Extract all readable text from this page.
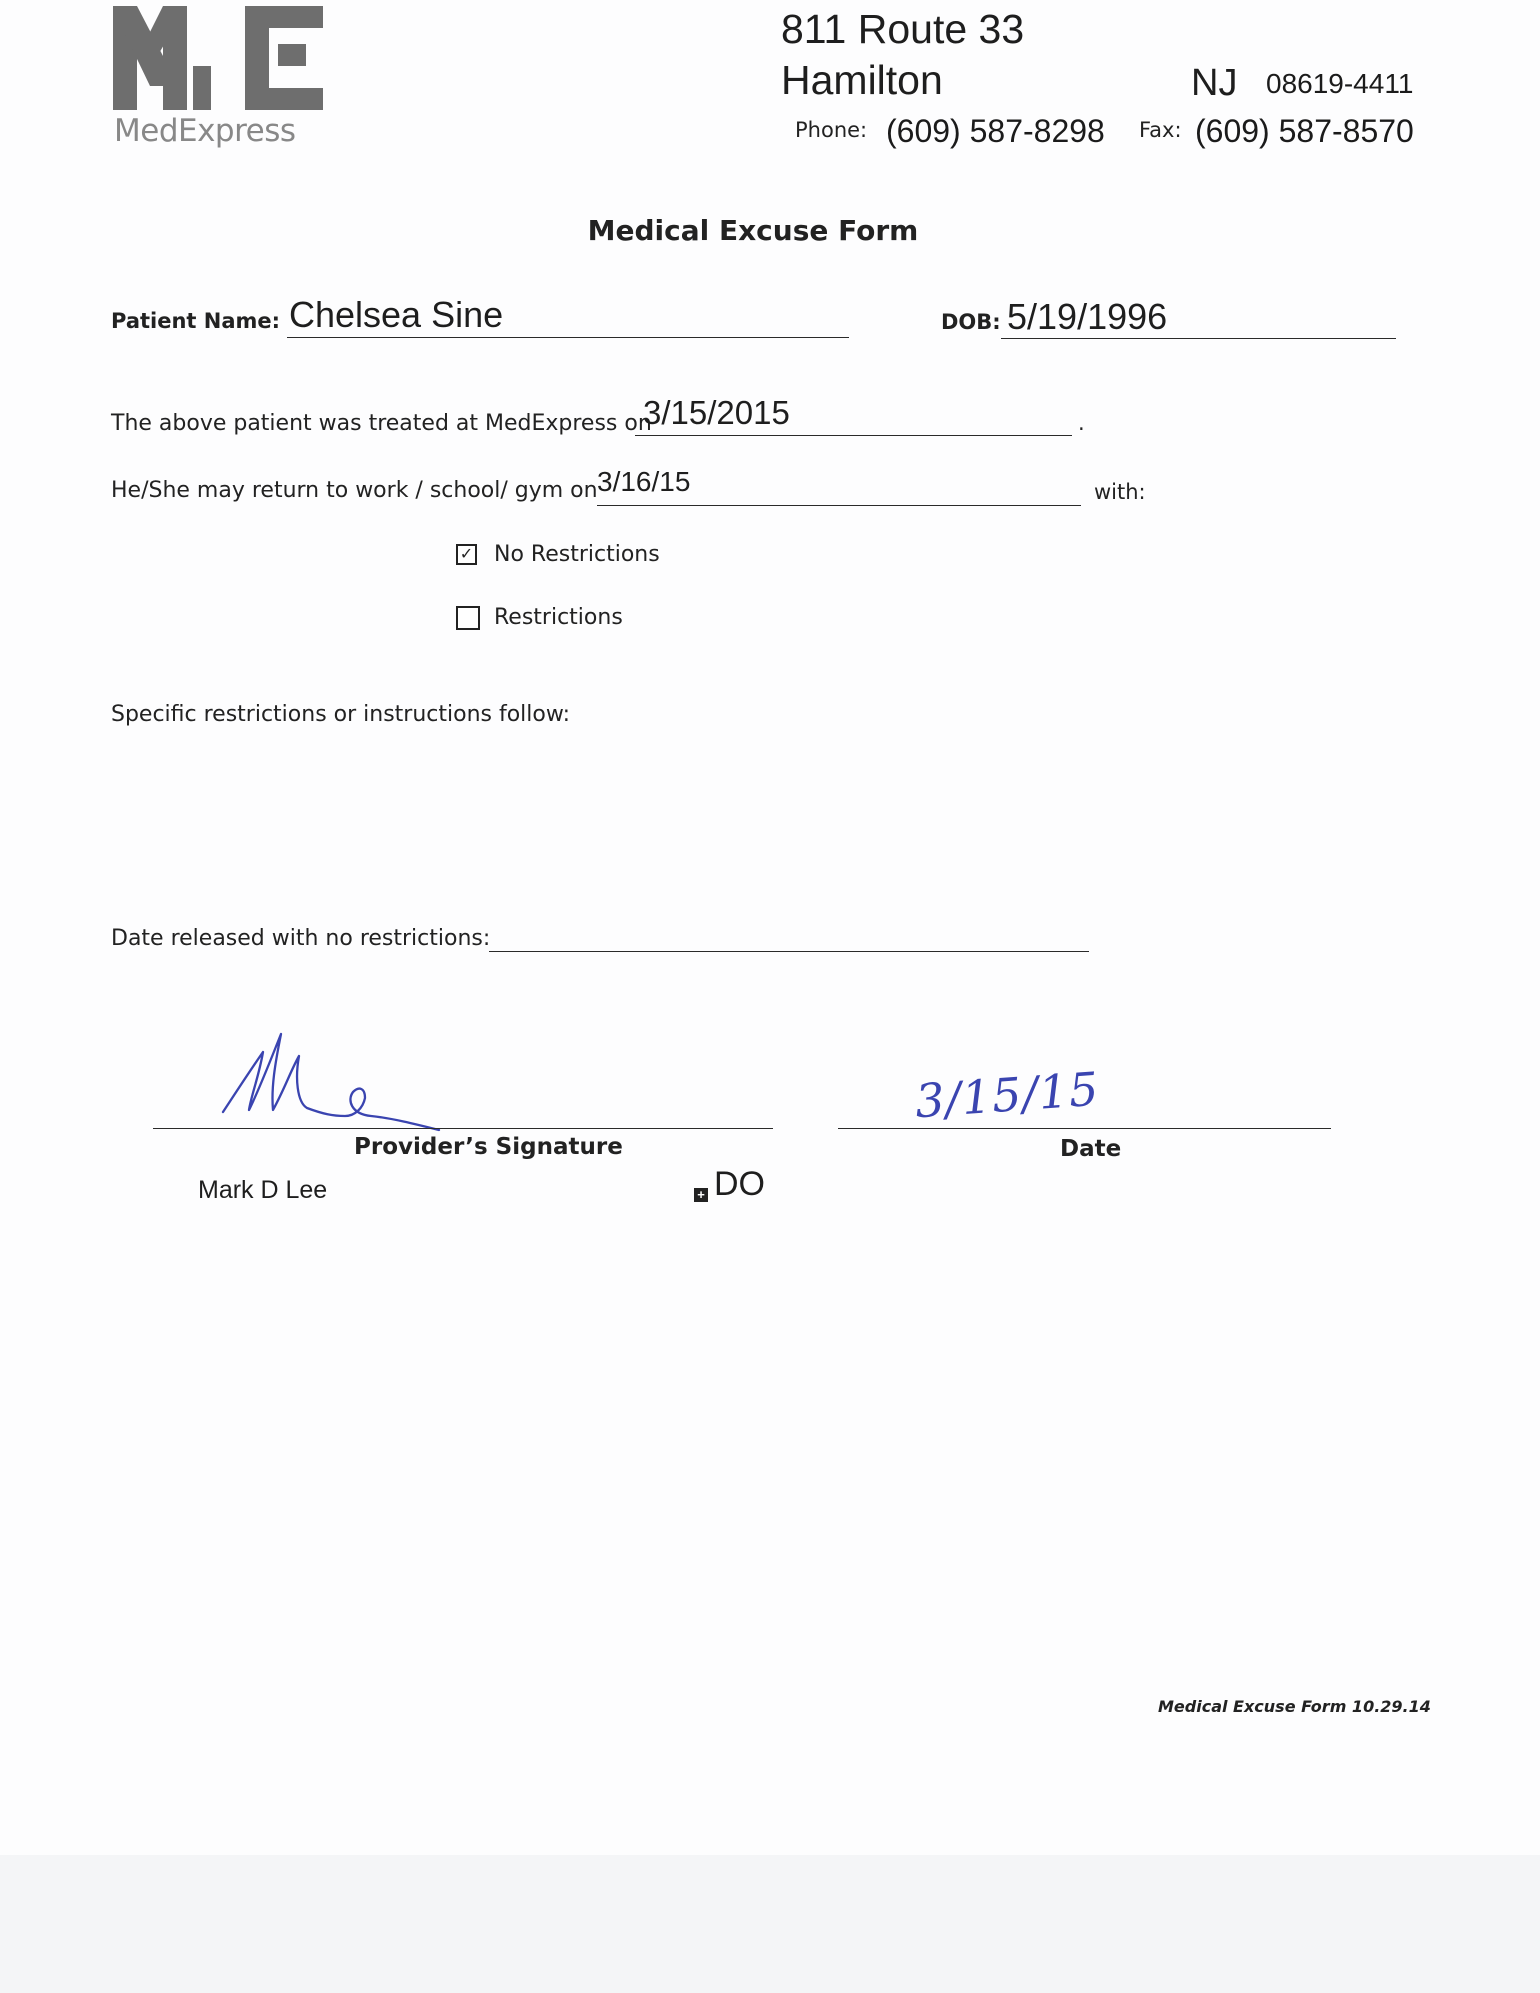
MedExpress
811 Route 33
Hamilton	NJ 08619-4411
Phone: (609) 587-8298 Fax: (609) 587-8570
Medical Excuse Form
Patient Name: Chelsea Sine	DOB: 5/19/1996
The above patient was treated at MedExpress on
3/15/2015	.
He/She may return to work / school/ gym on 3/16/15	with:
✓ No Restrictions
Restrictions
Specific restrictions or instructions follow:
Date released with no restrictions:
Provider’s Signature
3/15/15
Date
Mark D Lee	+ DO
Medical Excuse Form 10.29.14
